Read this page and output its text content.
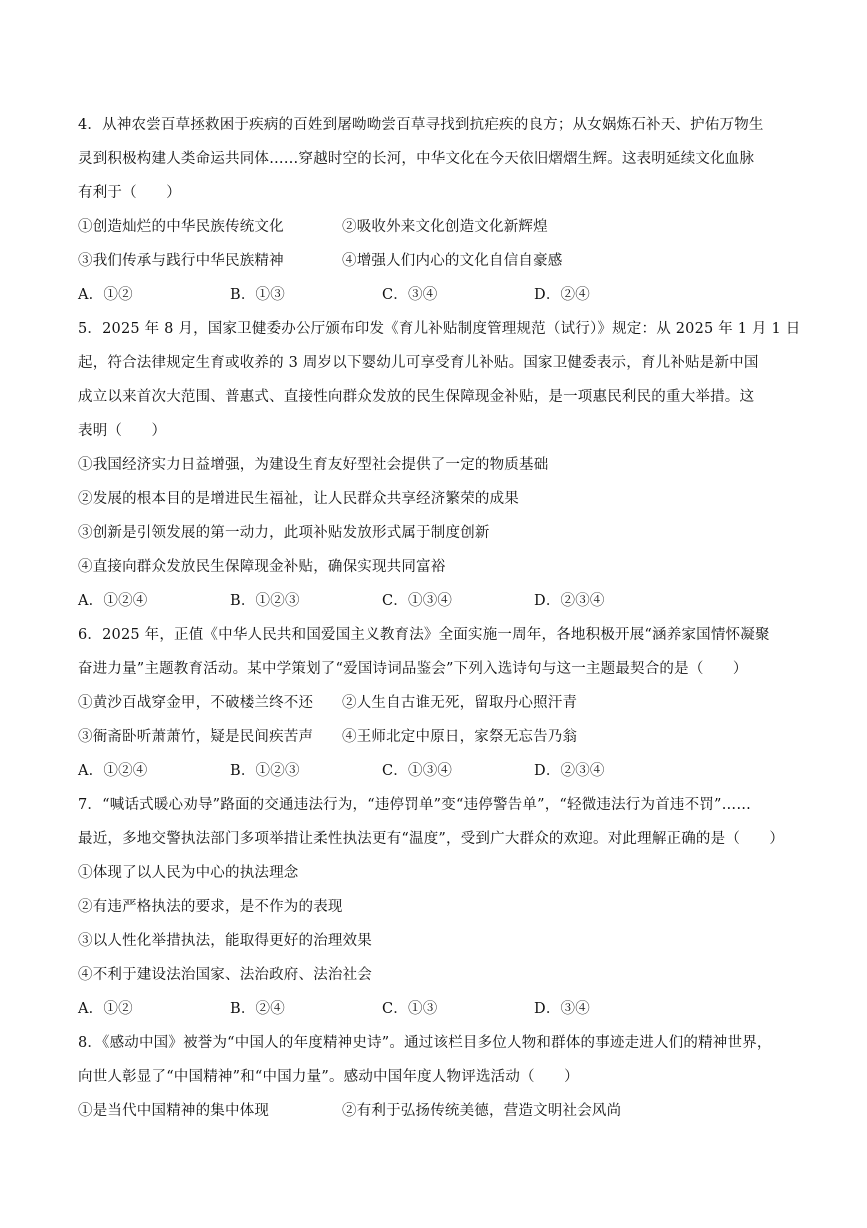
4．从神农尝百草拯救困于疾病的百姓到屠呦呦尝百草寻找到抗疟疾的良方；从女娲炼石补天、护佑万物生
灵到积极构建人类命运共同体……穿越时空的长河，中华文化在今天依旧熠熠生辉。这表明延续文化血脉
有利于（　　）
①创造灿烂的中华民族传统文化	②吸收外来文化创造文化新辉煌
③我们传承与践行中华民族精神	④增强人们内心的文化自信自豪感
A．①②	B．①③	C．③④	D．②④
5．2025 年 8 月，国家卫健委办公厅颁布印发《育儿补贴制度管理规范（试行）》规定：从 2025 年 1 月 1 日
起，符合法律规定生育或收养的 3 周岁以下婴幼儿可享受育儿补贴。国家卫健委表示，育儿补贴是新中国
成立以来首次大范围、普惠式、直接性向群众发放的民生保障现金补贴，是一项惠民利民的重大举措。这
表明（　　）
①我国经济实力日益增强，为建设生育友好型社会提供了一定的物质基础
②发展的根本目的是增进民生福祉，让人民群众共享经济繁荣的成果
③创新是引领发展的第一动力，此项补贴发放形式属于制度创新
④直接向群众发放民生保障现金补贴，确保实现共同富裕
A．①②④	B．①②③	C．①③④	D．②③④
6．2025 年，正值《中华人民共和国爱国主义教育法》全面实施一周年，各地积极开展“涵养家国情怀凝聚
奋进力量”主题教育活动。某中学策划了“爱国诗词品鉴会”下列入选诗句与这一主题最契合的是（　　）
①黄沙百战穿金甲，不破楼兰终不还	②人生自古谁无死，留取丹心照汗青
③衙斋卧听萧萧竹，疑是民间疾苦声	④王师北定中原日，家祭无忘告乃翁
A．①②④	B．①②③	C．①③④	D．②③④
7．“喊话式暖心劝导”路面的交通违法行为，“违停罚单”变“违停警告单”，“轻微违法行为首违不罚”……
最近，多地交警执法部门多项举措让柔性执法更有“温度”，受到广大群众的欢迎。对此理解正确的是（　　）
①体现了以人民为中心的执法理念
②有违严格执法的要求，是不作为的表现
③以人性化举措执法，能取得更好的治理效果
④不利于建设法治国家、法治政府、法治社会
A．①②	B．②④	C．①③	D．③④
8．《感动中国》被誉为“中国人的年度精神史诗”。通过该栏目多位人物和群体的事迹走进人们的精神世界，
向世人彰显了“中国精神”和“中国力量”。感动中国年度人物评选活动（　　）
①是当代中国精神的集中体现	②有利于弘扬传统美德，营造文明社会风尚
